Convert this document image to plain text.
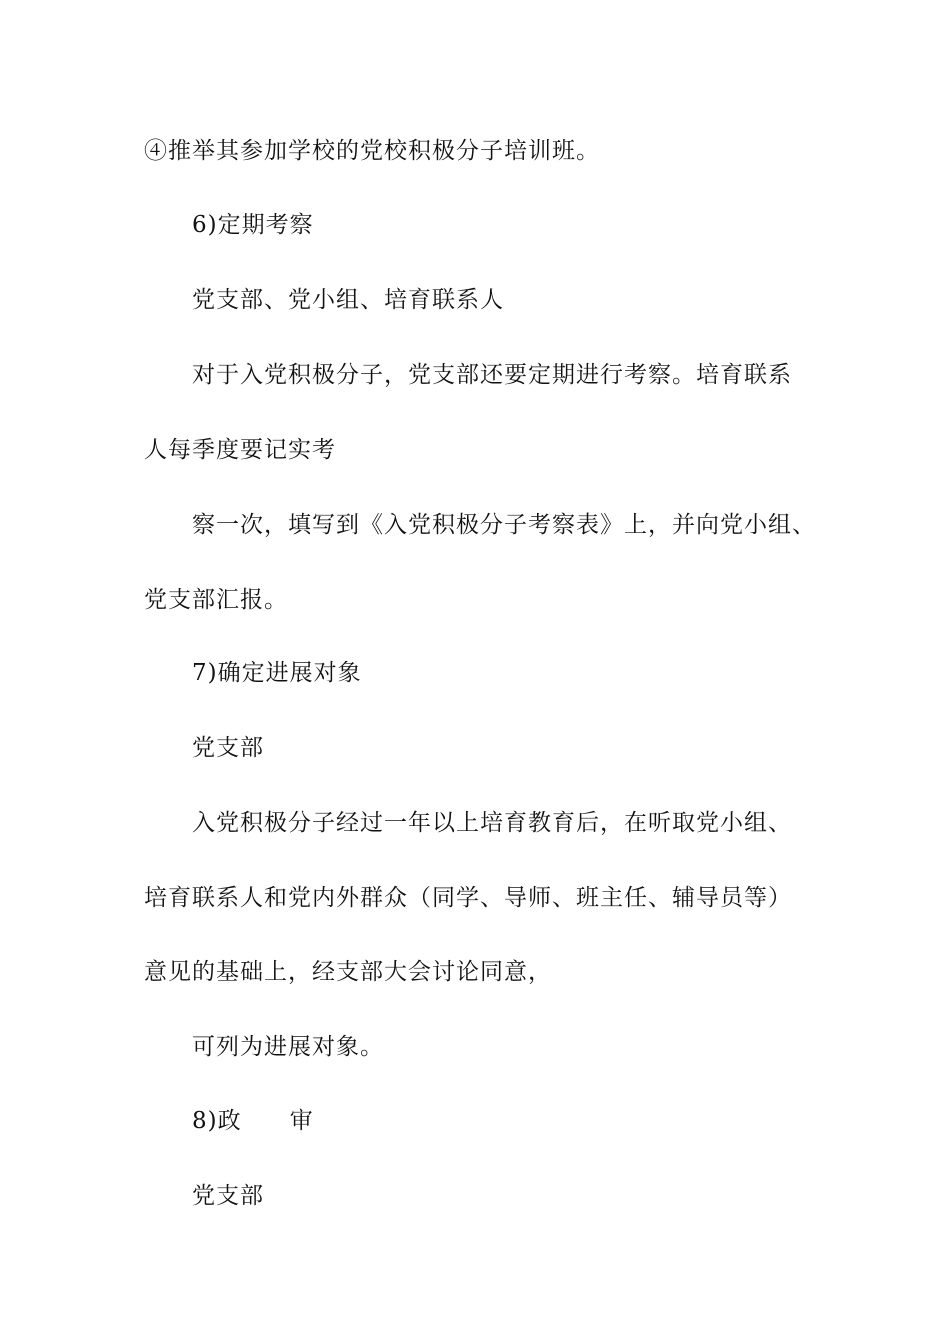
④推举其参加学校的党校积极分子培训班。
6)定期考察
党支部、党小组、培育联系人
对于入党积极分子，党支部还要定期进行考察。培育联系
人每季度要记实考
察一次，填写到《入党积极分子考察表》上，并向党小组、
党支部汇报。
7)确定进展对象
党支部
入党积极分子经过一年以上培育教育后，在听取党小组、
培育联系人和党内外群众（同学、导师、班主任、辅导员等）
意见的基础上，经支部大会讨论同意，
可列为进展对象。
8)政 审
党支部
